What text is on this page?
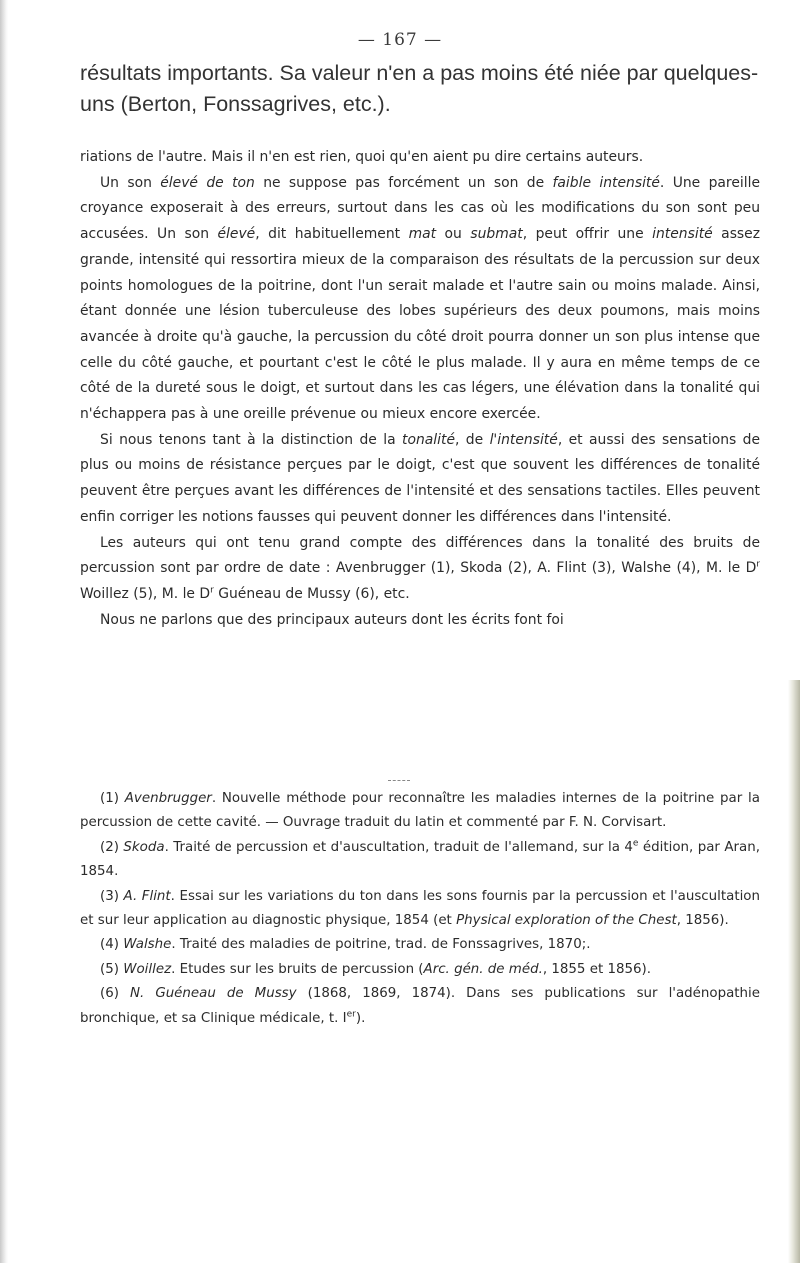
— 167 —

résultats importants. Sa valeur n'en a pas moins été niée par quelques-uns (Berton, Fonssagrives, etc.).

riations de l'autre. Mais il n'en est rien, quoi qu'en aient pu dire certains auteurs.

Un son élevé de ton ne suppose pas forcément un son de faible intensité. Une pareille croyance exposerait à des erreurs, surtout dans les cas où les modifications du son sont peu accusées. Un son élevé, dit habituellement mat ou submat, peut offrir une intensité assez grande, intensité qui ressortira mieux de la comparaison des résultats de la percussion sur deux points homologues de la poitrine, dont l'un serait malade et l'autre sain ou moins malade. Ainsi, étant donnée une lésion tuberculeuse des lobes supérieurs des deux poumons, mais moins avancée à droite qu'à gauche, la percussion du côté droit pourra donner un son plus intense que celle du côté gauche, et pourtant c'est le côté le plus malade. Il y aura en même temps de ce côté de la dureté sous le doigt, et surtout dans les cas légers, une élévation dans la tonalité qui n'échappera pas à une oreille prévenue ou mieux encore exercée.

Si nous tenons tant à la distinction de la tonalité, de l'intensité, et aussi des sensations de plus ou moins de résistance perçues par le doigt, c'est que souvent les différences de tonalité peuvent être perçues avant les différences de l'intensité et des sensations tactiles. Elles peuvent enfin corriger les notions fausses qui peuvent donner les différences dans l'intensité.

Les auteurs qui ont tenu grand compte des différences dans la tonalité des bruits de percussion sont par ordre de date : Avenbrugger (1), Skoda (2), A. Flint (3), Walshe (4), M. le $D^r$ Woillez (5), M. le $D^r$ Guéneau de Mussy (6), etc.

Nous ne parlons que des principaux auteurs dont les écrits font foi

(1) Avenbrugger. Nouvelle méthode pour reconnaître les maladies internes de la poitrine par la percussion de cette cavité. — Ouvrage traduit du latin et commenté par F. N. Corvisart.

(2) Skoda. Traité de percussion et d'auscultation, traduit de l'allemand, sur la 4e édition, par Aran, 1854.

(3) A. Flint. Essai sur les variations du ton dans les sons fournis par la percussion et l'auscultation et sur leur application au diagnostic physique, 1854 (et Physical exploration of the Chest, 1856).

(4) Walshe. Traité des maladies de poitrine, trad. de Fonssagrives, 1870;.

(5) Woillez. Etudes sur les bruits de percussion (Arc. gén. de méd., 1855 et 1856).

(6) N. Guéneau de Mussy (1868, 1869, 1874). Dans ses publications sur l'adénopathie bronchique, et sa Clinique médicale, t. Ier).
